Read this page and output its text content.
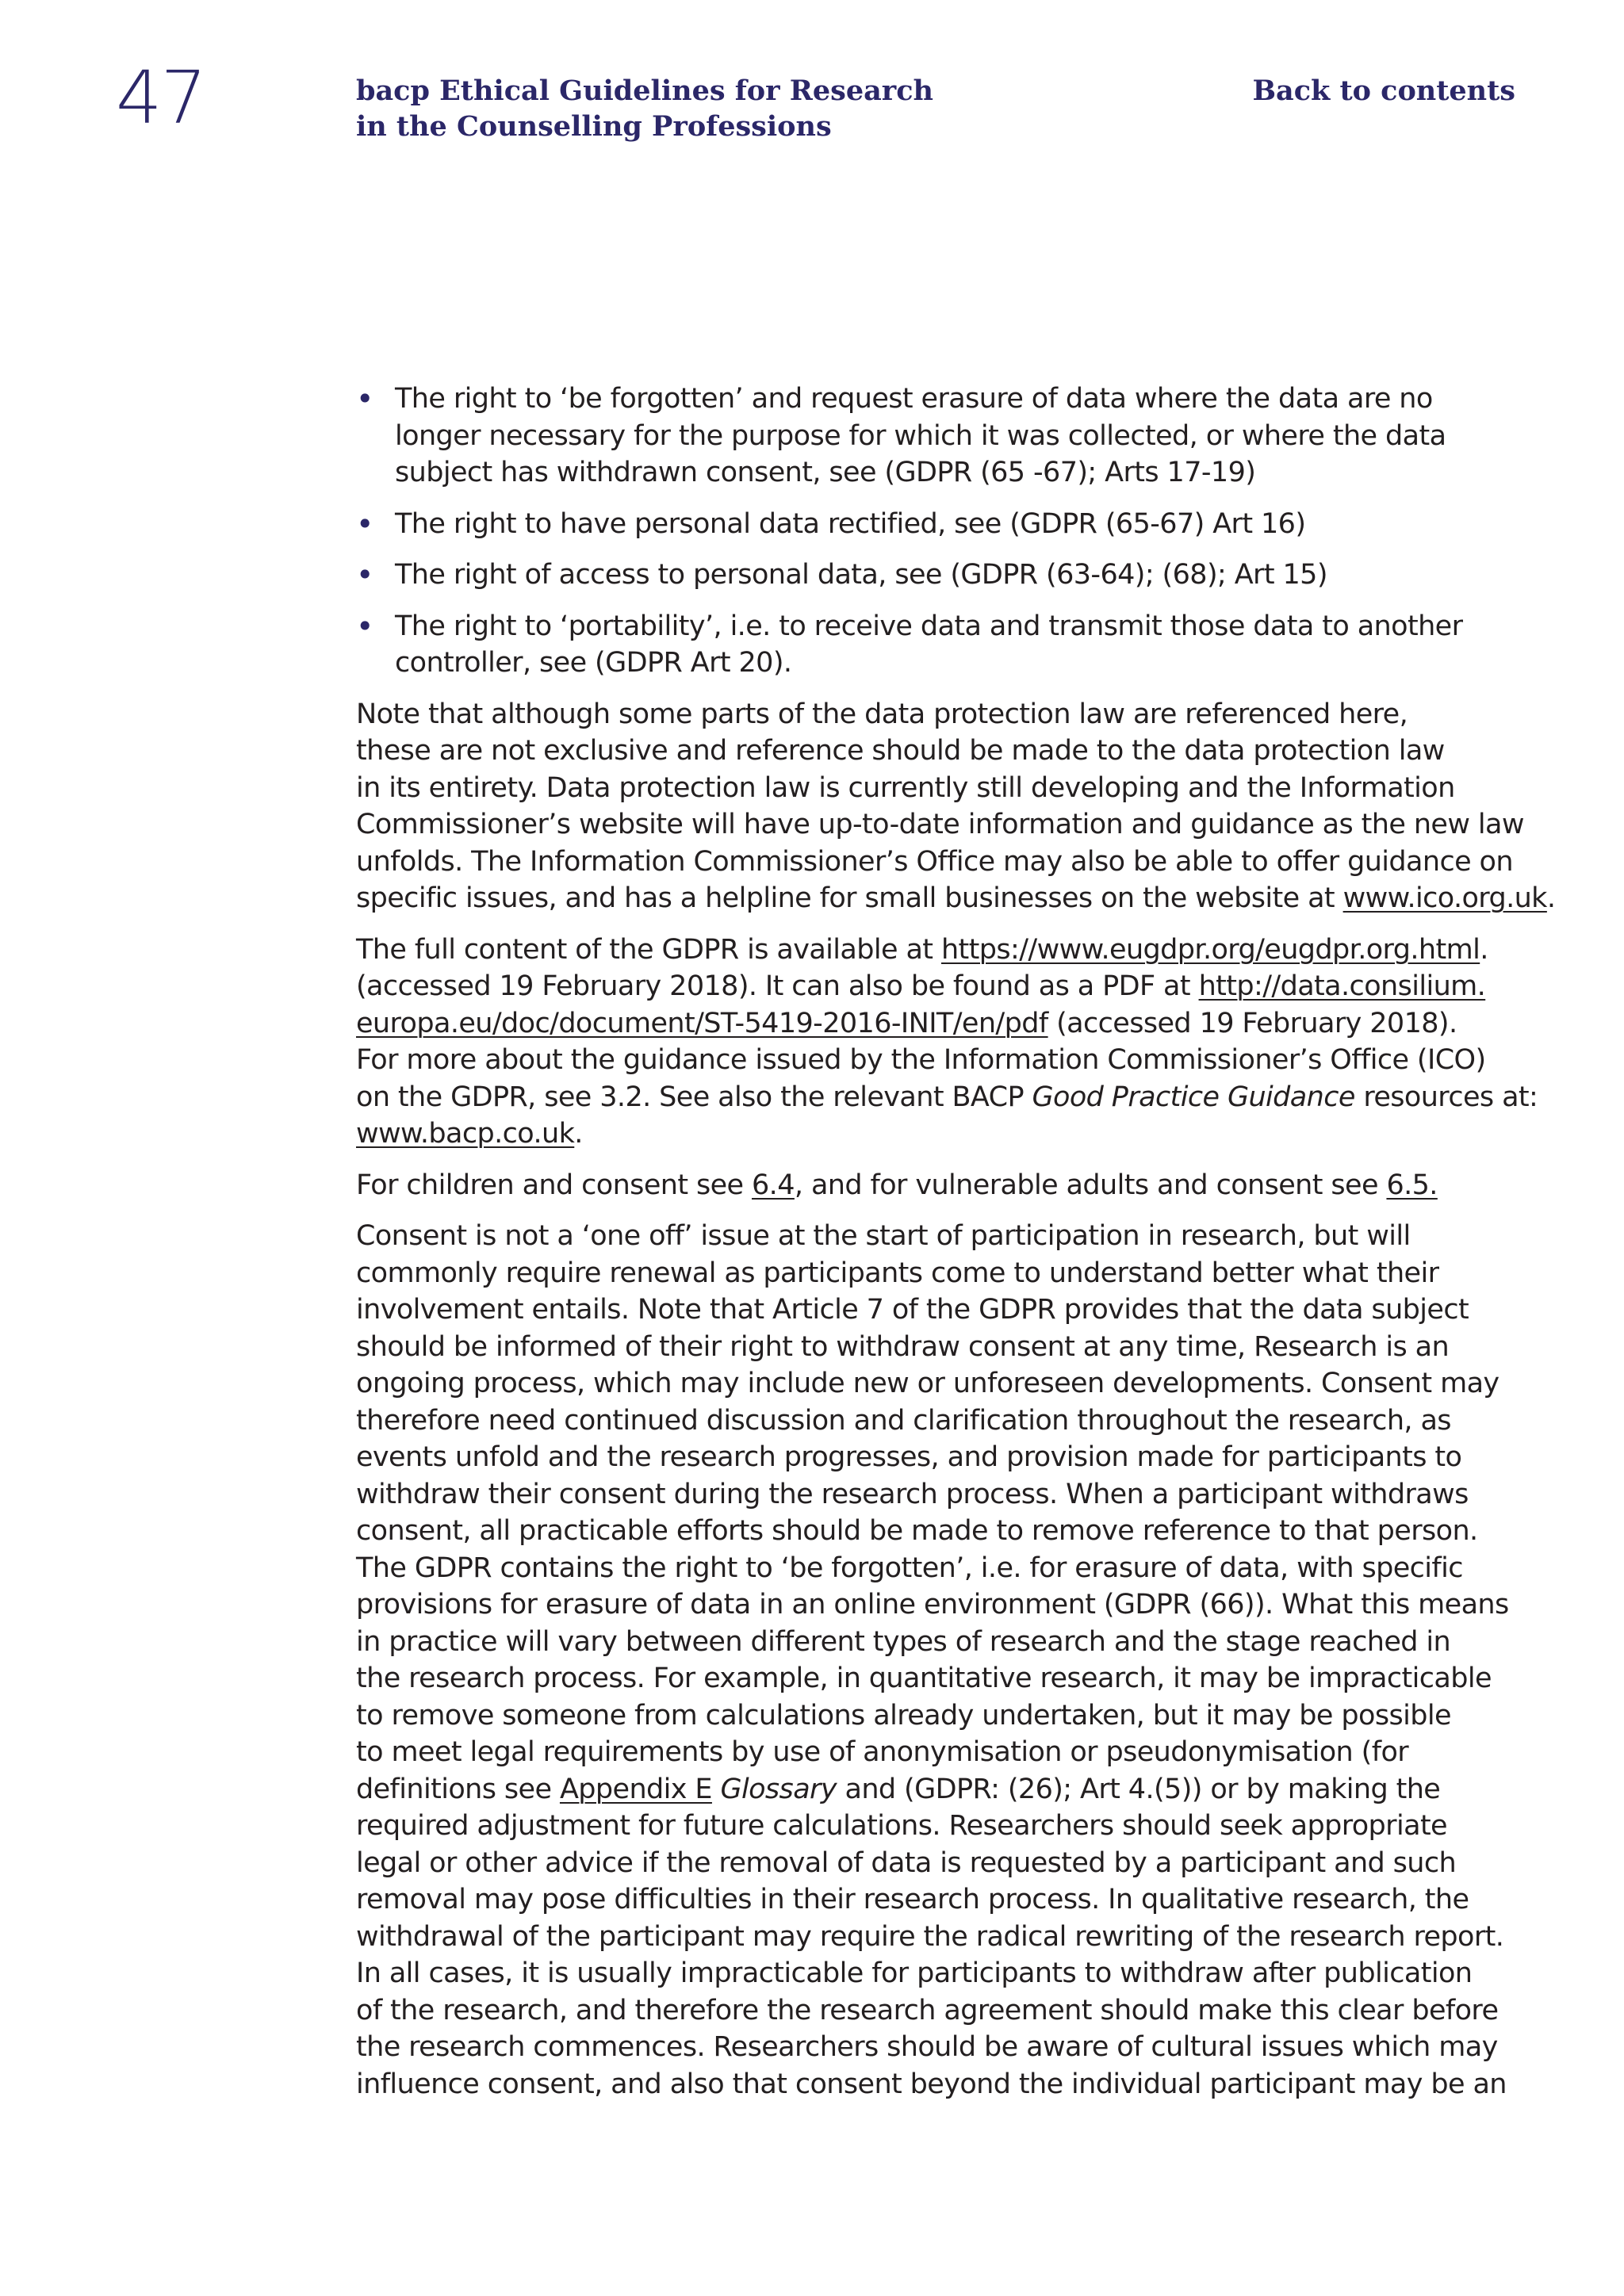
47	bacp Ethical Guidelines for Research
in the Counselling Professions
Back to contents
• The right to ‘be forgotten’ and request erasure of data where the data are no
longer necessary for the purpose for which it was collected, or where the data
subject has withdrawn consent, see (GDPR (65 -67); Arts 17-19)
• The right to have personal data rectified, see (GDPR (65-67) Art 16)
• The right of access to personal data, see (GDPR (63-64); (68); Art 15)
• The right to ‘portability’, i.e. to receive data and transmit those data to another
controller, see (GDPR Art 20).

Note that although some parts of the data protection law are referenced here,
these are not exclusive and reference should be made to the data protection law
in its entirety. Data protection law is currently still developing and the Information
Commissioner’s website will have up-to-date information and guidance as the new law
unfolds. The Information Commissioner’s Office may also be able to offer guidance on
specific issues, and has a helpline for small businesses on the website at www.ico.org.uk.

The full content of the GDPR is available at https://www.eugdpr.org/eugdpr.org.html.
(accessed 19 February 2018). It can also be found as a PDF at http://data.consilium.
europa.eu/doc/document/ST-5419-2016-INIT/en/pdf (accessed 19 February 2018).
For more about the guidance issued by the Information Commissioner’s Office (ICO)
on the GDPR, see 3.2. See also the relevant BACP Good Practice Guidance resources at:
www.bacp.co.uk.

For children and consent see 6.4, and for vulnerable adults and consent see 6.5.

Consent is not a ‘one off’ issue at the start of participation in research, but will
commonly require renewal as participants come to understand better what their
involvement entails. Note that Article 7 of the GDPR provides that the data subject
should be informed of their right to withdraw consent at any time, Research is an
ongoing process, which may include new or unforeseen developments. Consent may
therefore need continued discussion and clarification throughout the research, as
events unfold and the research progresses, and provision made for participants to
withdraw their consent during the research process. When a participant withdraws
consent, all practicable efforts should be made to remove reference to that person.
The GDPR contains the right to ‘be forgotten’, i.e. for erasure of data, with specific
provisions for erasure of data in an online environment (GDPR (66)). What this means
in practice will vary between different types of research and the stage reached in
the research process. For example, in quantitative research, it may be impracticable
to remove someone from calculations already undertaken, but it may be possible
to meet legal requirements by use of anonymisation or pseudonymisation (for
definitions see Appendix E Glossary and (GDPR: (26); Art 4.(5)) or by making the
required adjustment for future calculations. Researchers should seek appropriate
legal or other advice if the removal of data is requested by a participant and such
removal may pose difficulties in their research process. In qualitative research, the
withdrawal of the participant may require the radical rewriting of the research report.
In all cases, it is usually impracticable for participants to withdraw after publication
of the research, and therefore the research agreement should make this clear before
the research commences. Researchers should be aware of cultural issues which may
influence consent, and also that consent beyond the individual participant may be an
